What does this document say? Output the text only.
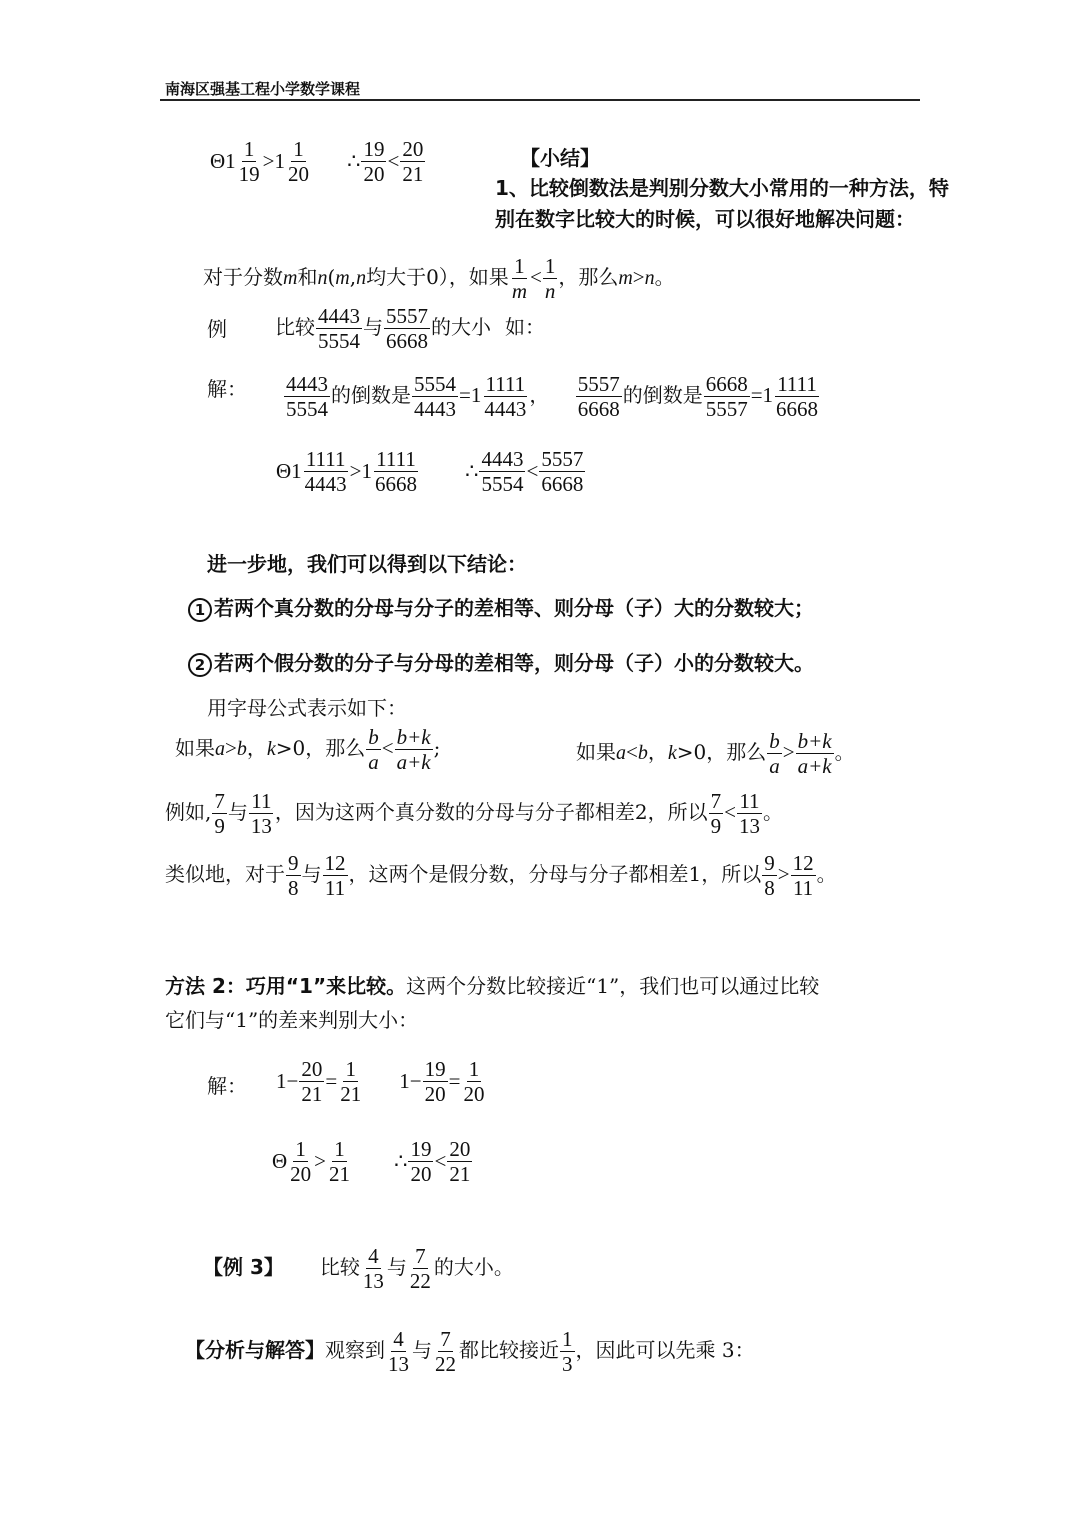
南海区强基工程小学数学课程
$\Theta 1 \frac{1}{19} >1 \frac{1}{20}$ ∴ $\frac{19}{20} < \frac{20}{21}$	【小结】
1、比较倒数法是判别分数大小常用的一种方法，特
别在数字比较大的时候，可以很好地解决问题：
对于分数m和n(m,n均大于0），如果 $\frac{1}{m} < \frac{1}{n}$ ，那么m>n。
例 比较 $\frac{4443}{5554}$ 与 $\frac{5557}{6668}$ 的大小 如：
解： $\frac{4443}{5554}$ 的倒数是 $\frac{5554}{4443} =1 \frac{1111}{4443}$ ， $\frac{5557}{6668}$ 的倒数是 $\frac{6668}{5557} =1 \frac{1111}{6668}$
$\Theta 1 \frac{1111}{4443} >1 \frac{1111}{6668}$ ∴ $\frac{4443}{5554} < \frac{5557}{6668}$
进一步地，我们可以得到以下结论：
1 若两个真分数的分母与分子的差相等、则分母（子）大的分数较大；
2 若两个假分数的分子与分母的差相等，则分母（子）小的分数较大。
用字母公式表示如下：
如果a>b，k>0，那么 $\frac{b}{a} < \frac{b+k}{a+k}$ ;	如果a<b，k>0，那么 $\frac{b}{a} > \frac{b+k}{a+k}$ 。
例如, $\frac{7}{9}$ 与 $\frac{11}{13}$ ，因为这两个真分数的分母与分子都相差2，所以 $\frac{7}{9} < \frac{11}{13}$ 。
类似地，对于 $\frac{9}{8}$ 与 $\frac{12}{11}$ ，这两个是假分数，分母与分子都相差1，所以 $\frac{9}{8} > \frac{12}{11}$ 。
方法 2：巧用“1”来比较。这两个分数比较接近“1”，我们也可以通过比较
它们与“1”的差来判别大小：
解： $1- \frac{20}{21} = \frac{1}{21} 1- \frac{19}{20} = \frac{1}{20}$
Θ $\frac{1}{20} > \frac{1}{21}$ ∴ $\frac{19}{20} < \frac{20}{21}$
【例 3】 比较 $\frac{4}{13}$ 与 $\frac{7}{22}$ 的大小。
【分析与解答】观察到 $\frac{4}{13}$ 与 $\frac{7}{22}$ 都比较接近 $\frac{1}{3}$ ，因此可以先乘 3：
